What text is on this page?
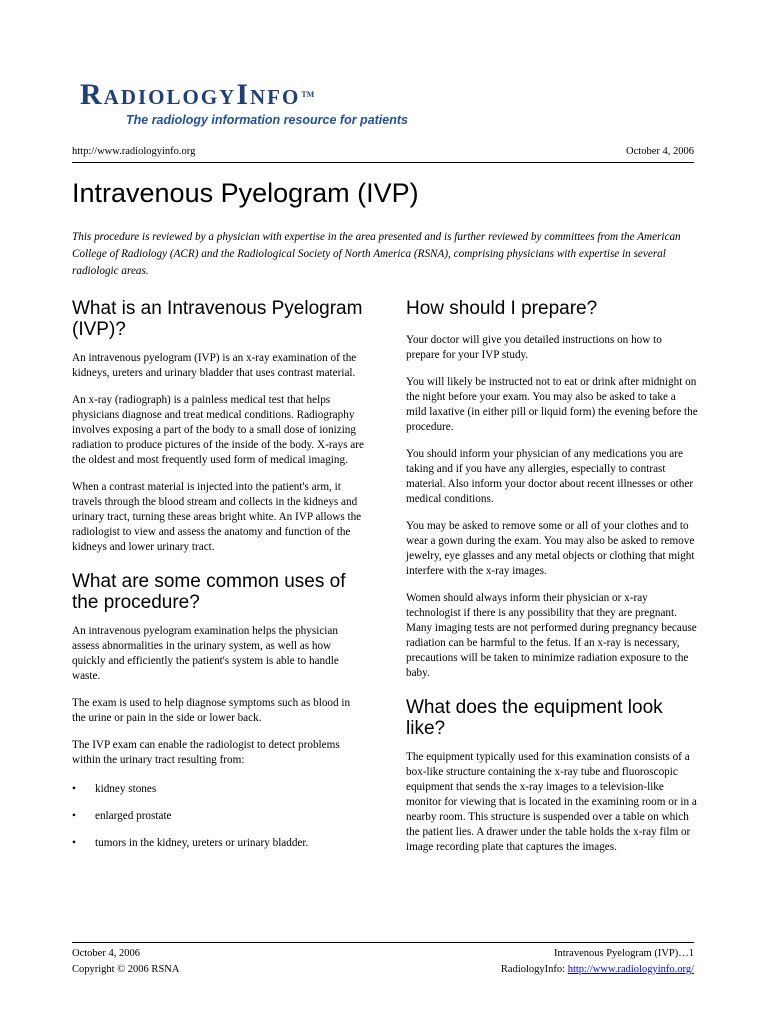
RadiologyInfo™
The radiology information resource for patients
http://www.radiologyinfo.org	October 4, 2006
Intravenous Pyelogram (IVP)

This procedure is reviewed by a physician with expertise in the area presented and is further reviewed by committees from the American College of Radiology (ACR) and the Radiological Society of North America (RSNA), comprising physicians with expertise in several radiologic areas.

What is an Intravenous Pyelogram (IVP)?

An intravenous pyelogram (IVP) is an x-ray examination of the kidneys, ureters and urinary bladder that uses contrast material.

An x-ray (radiograph) is a painless medical test that helps physicians diagnose and treat medical conditions. Radiography involves exposing a part of the body to a small dose of ionizing radiation to produce pictures of the inside of the body. X-rays are the oldest and most frequently used form of medical imaging.

When a contrast material is injected into the patient's arm, it travels through the blood stream and collects in the kidneys and urinary tract, turning these areas bright white. An IVP allows the radiologist to view and assess the anatomy and function of the kidneys and lower urinary tract.

What are some common uses of the procedure?

An intravenous pyelogram examination helps the physician assess abnormalities in the urinary system, as well as how quickly and efficiently the patient's system is able to handle waste.

The exam is used to help diagnose symptoms such as blood in the urine or pain in the side or lower back.

The IVP exam can enable the radiologist to detect problems within the urinary tract resulting from:

• kidney stones
• enlarged prostate
• tumors in the kidney, ureters or urinary bladder.
How should I prepare?

Your doctor will give you detailed instructions on how to prepare for your IVP study.

You will likely be instructed not to eat or drink after midnight on the night before your exam. You may also be asked to take a mild laxative (in either pill or liquid form) the evening before the procedure.

You should inform your physician of any medications you are taking and if you have any allergies, especially to contrast material. Also inform your doctor about recent illnesses or other medical conditions.

You may be asked to remove some or all of your clothes and to wear a gown during the exam. You may also be asked to remove jewelry, eye glasses and any metal objects or clothing that might interfere with the x-ray images.

Women should always inform their physician or x-ray technologist if there is any possibility that they are pregnant. Many imaging tests are not performed during pregnancy because radiation can be harmful to the fetus. If an x-ray is necessary, precautions will be taken to minimize radiation exposure to the baby.

What does the equipment look like?

The equipment typically used for this examination consists of a box-like structure containing the x-ray tube and fluoroscopic equipment that sends the x-ray images to a television-like monitor for viewing that is located in the examining room or in a nearby room. This structure is suspended over a table on which the patient lies. A drawer under the table holds the x-ray film or image recording plate that captures the images.

October 4, 2006
Copyright © 2006 RSNA
Intravenous Pyelogram (IVP)…1
RadiologyInfo: http://www.radiologyinfo.org/
